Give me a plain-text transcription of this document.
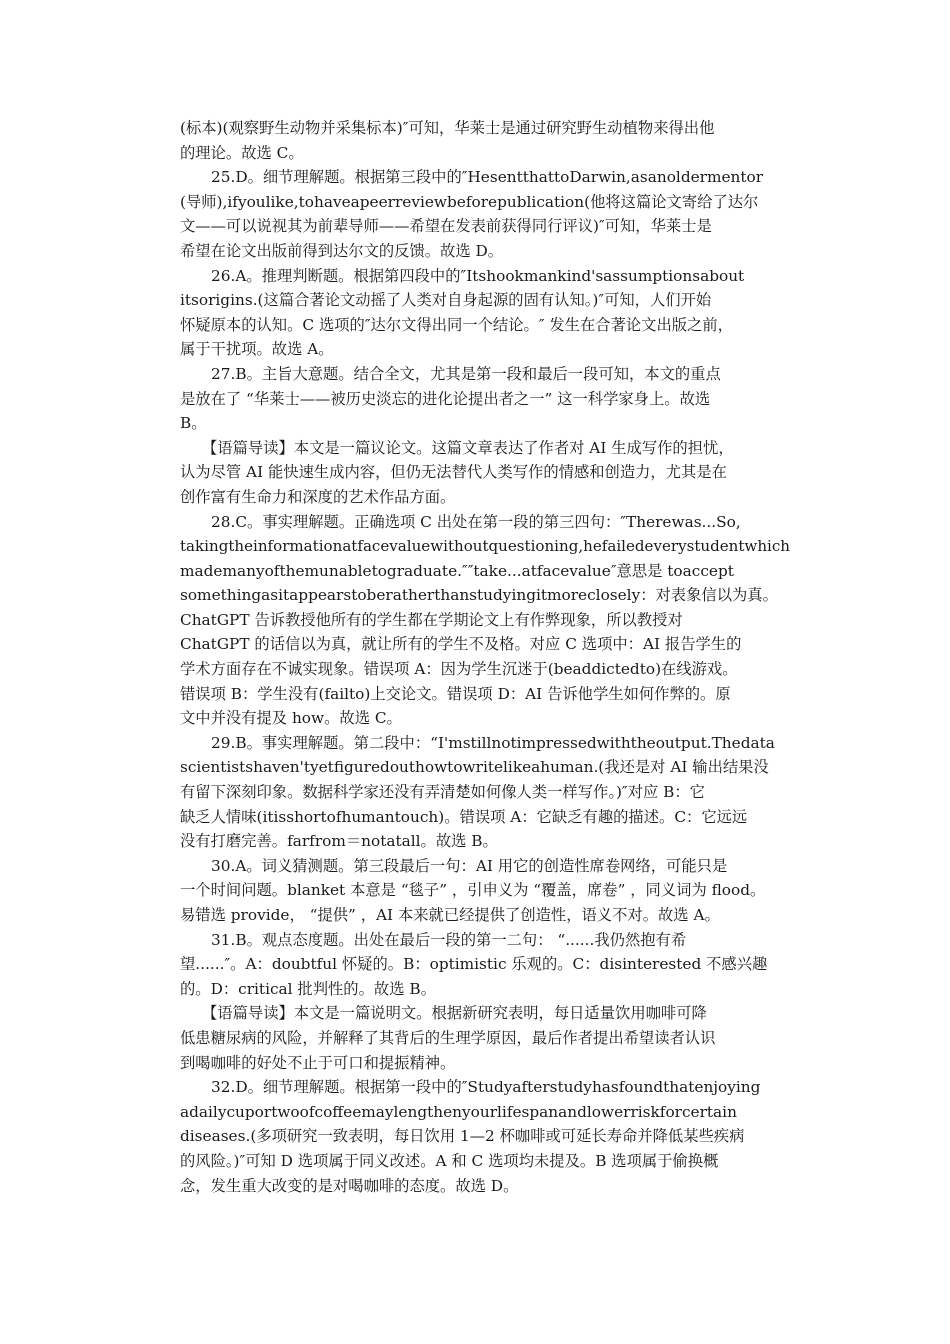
(标本)(观察野生动物并采集标本)″可知，华莱士是通过研究野生动植物来得出他
的理论。故选 C。
25.D。细节理解题。根据第三段中的″HesentthattoDarwin,asanoldermentor
(导师),ifyoulike,tohaveapeerreviewbeforepublication(他将这篇论文寄给了达尔
文——可以说视其为前辈导师——希望在发表前获得同行评议)″可知，华莱士是
希望在论文出版前得到达尔文的反馈。故选 D。
26.A。推理判断题。根据第四段中的″Itshookmankind'sassumptionsabout
itsorigins.(这篇合著论文动摇了人类对自身起源的固有认知。)″可知，人们开始
怀疑原本的认知。C 选项的″达尔文得出同一个结论。″ 发生在合著论文出版之前，
属于干扰项。故选 A。
27.B。主旨大意题。结合全文，尤其是第一段和最后一段可知，本文的重点
是放在了 “华莱士——被历史淡忘的进化论提出者之一” 这一科学家身上。故选
B。
【语篇导读】本文是一篇议论文。这篇文章表达了作者对 AI 生成写作的担忧，
认为尽管 AI 能快速生成内容，但仍无法替代人类写作的情感和创造力，尤其是在
创作富有生命力和深度的艺术作品方面。
28.C。事实理解题。正确选项 C 出处在第一段的第三四句：″Therewas...So,
takingtheinformationatfacevaluewithoutquestioning,hefailedeverystudentwhich
mademanyofthemunabletograduate.″″take...atfacevalue″意思是 toaccept
somethingasitappearstoberatherthanstudyingitmoreclosely：对表象信以为真。
ChatGPT 告诉教授他所有的学生都在学期论文上有作弊现象，所以教授对
ChatGPT 的话信以为真，就让所有的学生不及格。对应 C 选项中：AI 报告学生的
学术方面存在不诚实现象。错误项 A：因为学生沉迷于(beaddictedto)在线游戏。
错误项 B：学生没有(failto)上交论文。错误项 D：AI 告诉他学生如何作弊的。原
文中并没有提及 how。故选 C。
29.B。事实理解题。第二段中：“I'mstillnotimpressedwiththeoutput.Thedata
scientistshaven'tyetfiguredouthowtowritelikeahuman.(我还是对 AI 输出结果没
有留下深刻印象。数据科学家还没有弄清楚如何像人类一样写作。)″对应 B：它
缺乏人情味(itisshortofhumantouch)。错误项 A：它缺乏有趣的描述。C：它远远
没有打磨完善。farfrom＝notatall。故选 B。
30.A。词义猜测题。第三段最后一句：AI 用它的创造性席卷网络，可能只是
一个时间问题。blanket 本意是 “毯子” ，引申义为 “覆盖，席卷” ，同义词为 flood。
易错选 provide， “提供” ，AI 本来就已经提供了创造性，语义不对。故选 A。
31.B。观点态度题。出处在最后一段的第一二句： “......我仍然抱有希
望......″。A：doubtful 怀疑的。B：optimistic 乐观的。C：disinterested 不感兴趣
的。D：critical 批判性的。故选 B。
【语篇导读】本文是一篇说明文。根据新研究表明，每日适量饮用咖啡可降
低患糖尿病的风险，并解释了其背后的生理学原因，最后作者提出希望读者认识
到喝咖啡的好处不止于可口和提振精神。
32.D。细节理解题。根据第一段中的″Studyafterstudyhasfoundthatenjoying
adailycuportwoofcoffeemaylengthenyourlifespanandlowerriskforcertain
diseases.(多项研究一致表明，每日饮用 1—2 杯咖啡或可延长寿命并降低某些疾病
的风险。)″可知 D 选项属于同义改述。A 和 C 选项均未提及。B 选项属于偷换概
念，发生重大改变的是对喝咖啡的态度。故选 D。
